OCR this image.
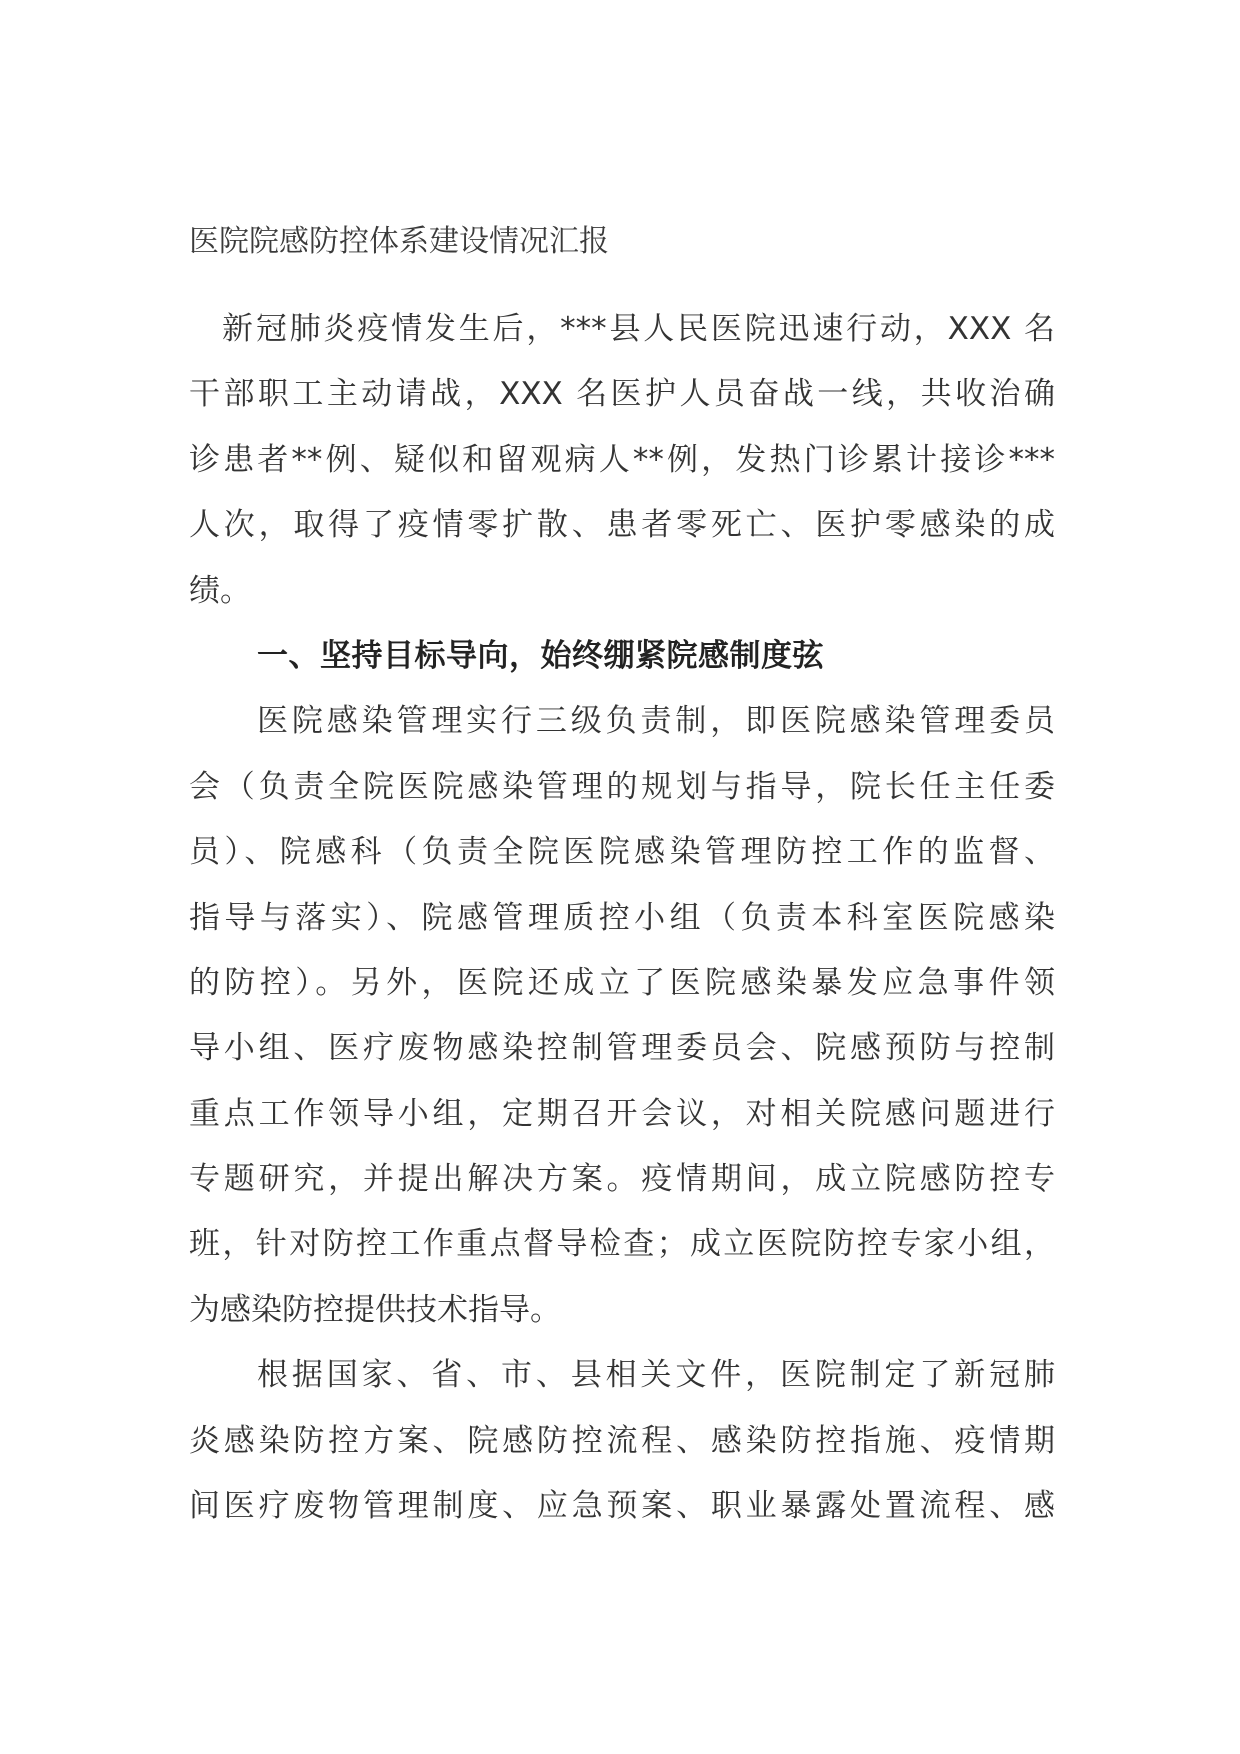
医院院感防控体系建设情况汇报
新冠肺炎疫情发生后，***县人民医院迅速行动，XXX 名
干部职工主动请战，XXX 名医护人员奋战一线，共收治确
诊患者**例、疑似和留观病人**例，发热门诊累计接诊***
人次，取得了疫情零扩散、患者零死亡、医护零感染的成
绩。
一、坚持目标导向，始终绷紧院感制度弦
医院感染管理实行三级负责制，即医院感染管理委员
会（负责全院医院感染管理的规划与指导，院长任主任委
员）、院感科（负责全院医院感染管理防控工作的监督、
指导与落实）、院感管理质控小组（负责本科室医院感染
的防控）。另外，医院还成立了医院感染暴发应急事件领
导小组、医疗废物感染控制管理委员会、院感预防与控制
重点工作领导小组，定期召开会议，对相关院感问题进行
专题研究，并提出解决方案。疫情期间，成立院感防控专
班，针对防控工作重点督导检查；成立医院防控专家小组，
为感染防控提供技术指导。
根据国家、省、市、县相关文件，医院制定了新冠肺
炎感染防控方案、院感防控流程、感染防控指施、疫情期
间医疗废物管理制度、应急预案、职业暴露处置流程、感
